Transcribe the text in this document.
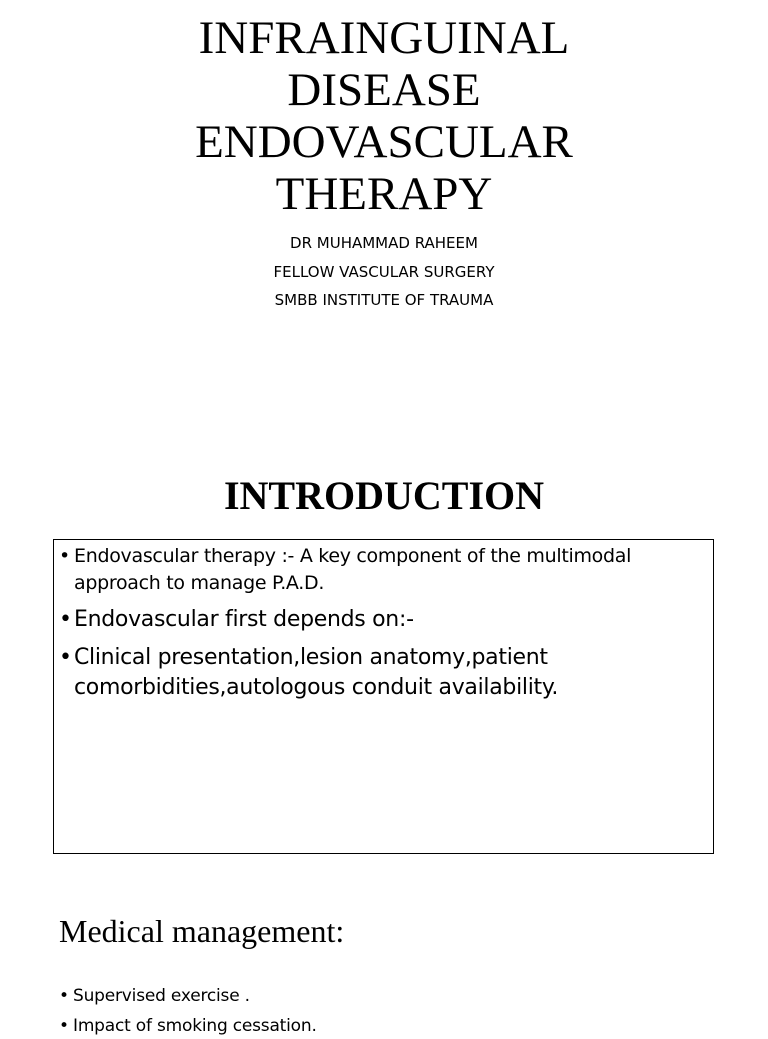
INFRAINGUINAL
DISEASE
ENDOVASCULAR
THERAPY
DR MUHAMMAD RAHEEM
FELLOW VASCULAR SURGERY
SMBB INSTITUTE OF TRAUMA
INTRODUCTION
• Endovascular therapy :- A key component of the multimodal approach to manage P.A.D.
• Endovascular first depends on:-
• Clinical presentation,lesion anatomy,patient comorbidities,autologous conduit availability.
Medical management:
• Supervised exercise .
• Impact of smoking cessation.
